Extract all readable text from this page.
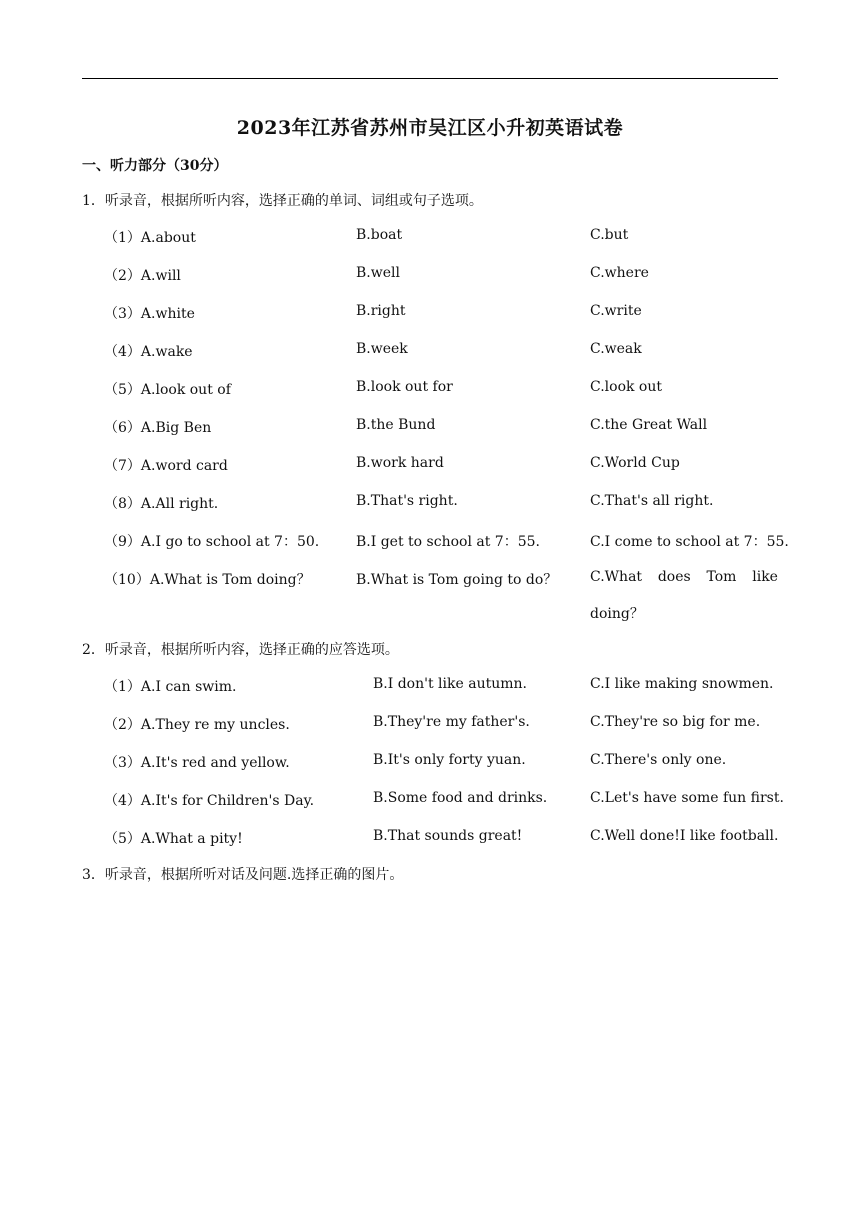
2023年江苏省苏州市吴江区小升初英语试卷
一、听力部分（30分）
1．听录音，根据所听内容，选择正确的单词、词组或句子选项。
（1）A.about	B.boat	C.but
（2）A.will	B.well	C.where
（3）A.white	B.right	C.write
（4）A.wake	B.week	C.weak
（5）A.look out of	B.look out for	C.look out
（6）A.Big Ben	B.the Bund	C.the Great Wall
（7）A.word card	B.work hard	C.World Cup
（8）A.All right.	B.That's right.	C.That's all right.
（9）A.I go to school at 7：50.	B.I get to school at 7：55.	C.I come to school at 7：55.
（10）A.What is Tom doing？	B.What is Tom going to do？ C.What does Tom like
doing？
2．听录音，根据所听内容，选择正确的应答选项。
（1）A.I can swim.	B.I don't like autumn.	C.I like making snowmen.
（2）A.They re my uncles.	B.They're my father's.	C.They're so big for me.
（3）A.It's red and yellow.	B.It's only forty yuan.	C.There's only one.
（4）A.It's for Children's Day.	B.Some food and drinks.	C.Let's have some fun first.
（5）A.What a pity!	B.That sounds great!	C.Well done!I like football.
3．听录音，根据所听对话及问题.选择正确的图片。
